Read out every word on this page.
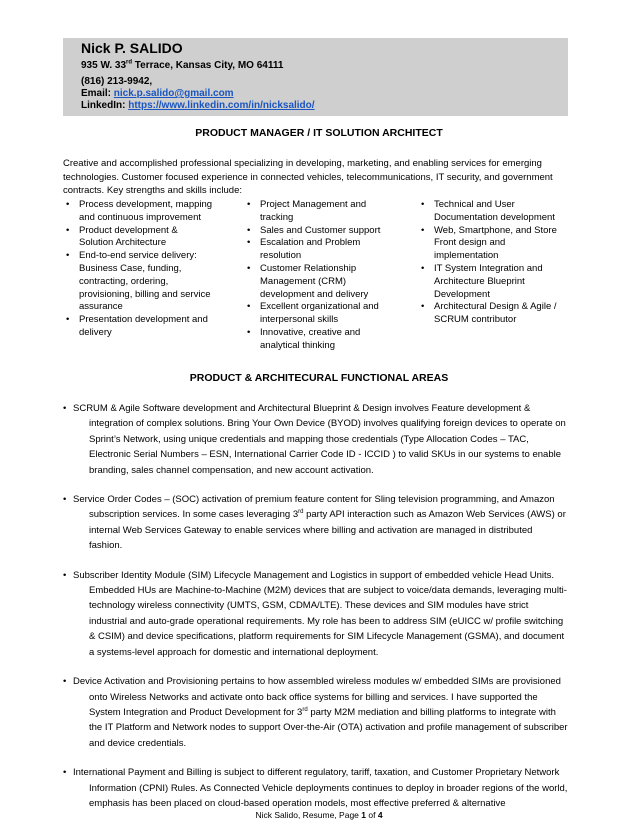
Nick P. SALIDO
935 W. 33rd Terrace, Kansas City, MO 64111
(816) 213-9942,
Email: nick.p.salido@gmail.com
LinkedIn: https://www.linkedin.com/in/nicksalido/
PRODUCT MANAGER / IT SOLUTION ARCHITECT
Creative and accomplished professional specializing in developing, marketing, and enabling services for emerging technologies. Customer focused experience in connected vehicles, telecommunications, IT security, and government contracts. Key strengths and skills include:
• Process development, mapping and continuous improvement
• Product development & Solution Architecture
• End-to-end service delivery: Business Case, funding, contracting, ordering, provisioning, billing and service assurance
• Presentation development and delivery
• Project Management and tracking
• Sales and Customer support
• Escalation and Problem resolution
• Customer Relationship Management (CRM) development and delivery
• Excellent organizational and interpersonal skills
• Innovative, creative and analytical thinking
• Technical and User Documentation development
• Web, Smartphone, and Store Front design and implementation
• IT System Integration and Architecture Blueprint Development
• Architectural Design & Agile / SCRUM contributor
PRODUCT & ARCHITECURAL FUNCTIONAL AREAS
• SCRUM & Agile Software development and Architectural Blueprint & Design involves Feature development & integration of complex solutions. Bring Your Own Device (BYOD) involves qualifying foreign devices to operate on Sprint’s Network, using unique credentials and mapping those credentials (Type Allocation Codes – TAC, Electronic Serial Numbers – ESN, International Carrier Code ID - ICCID ) to valid SKUs in our systems to enable branding, sales channel compensation, and new account activation.
• Service Order Codes – (SOC) activation of premium feature content for Sling television programming, and Amazon subscription services. In some cases leveraging 3rd party API interaction such as Amazon Web Services (AWS) or internal Web Services Gateway to enable services where billing and activation are managed in distributed fashion.
• Subscriber Identity Module (SIM) Lifecycle Management and Logistics in support of embedded vehicle Head Units. Embedded HUs are Machine-to-Machine (M2M) devices that are subject to voice/data demands, leveraging multi-technology wireless connectivity (UMTS, GSM, CDMA/LTE). These devices and SIM modules have strict industrial and auto-grade operational requirements. My role has been to address SIM (eUICC w/ profile switching & CSIM) and device specifications, platform requirements for SIM Lifecycle Management (GSMA), and document a systems-level approach for domestic and international deployment.
• Device Activation and Provisioning pertains to how assembled wireless modules w/ embedded SIMs are provisioned onto Wireless Networks and activate onto back office systems for billing and services. I have supported the System Integration and Product Development for 3rd party M2M mediation and billing platforms to integrate with the IT Platform and Network nodes to support Over-the-Air (OTA) activation and profile management of subscriber and device credentials.
• International Payment and Billing is subject to different regulatory, tariff, taxation, and Customer Proprietary Network Information (CPNI) Rules. As Connected Vehicle deployments continues to deploy in broader regions of the world, emphasis has been placed on cloud-based operation models, most effective preferred & alternative
Nick Salido, Resume, Page 1 of 4
